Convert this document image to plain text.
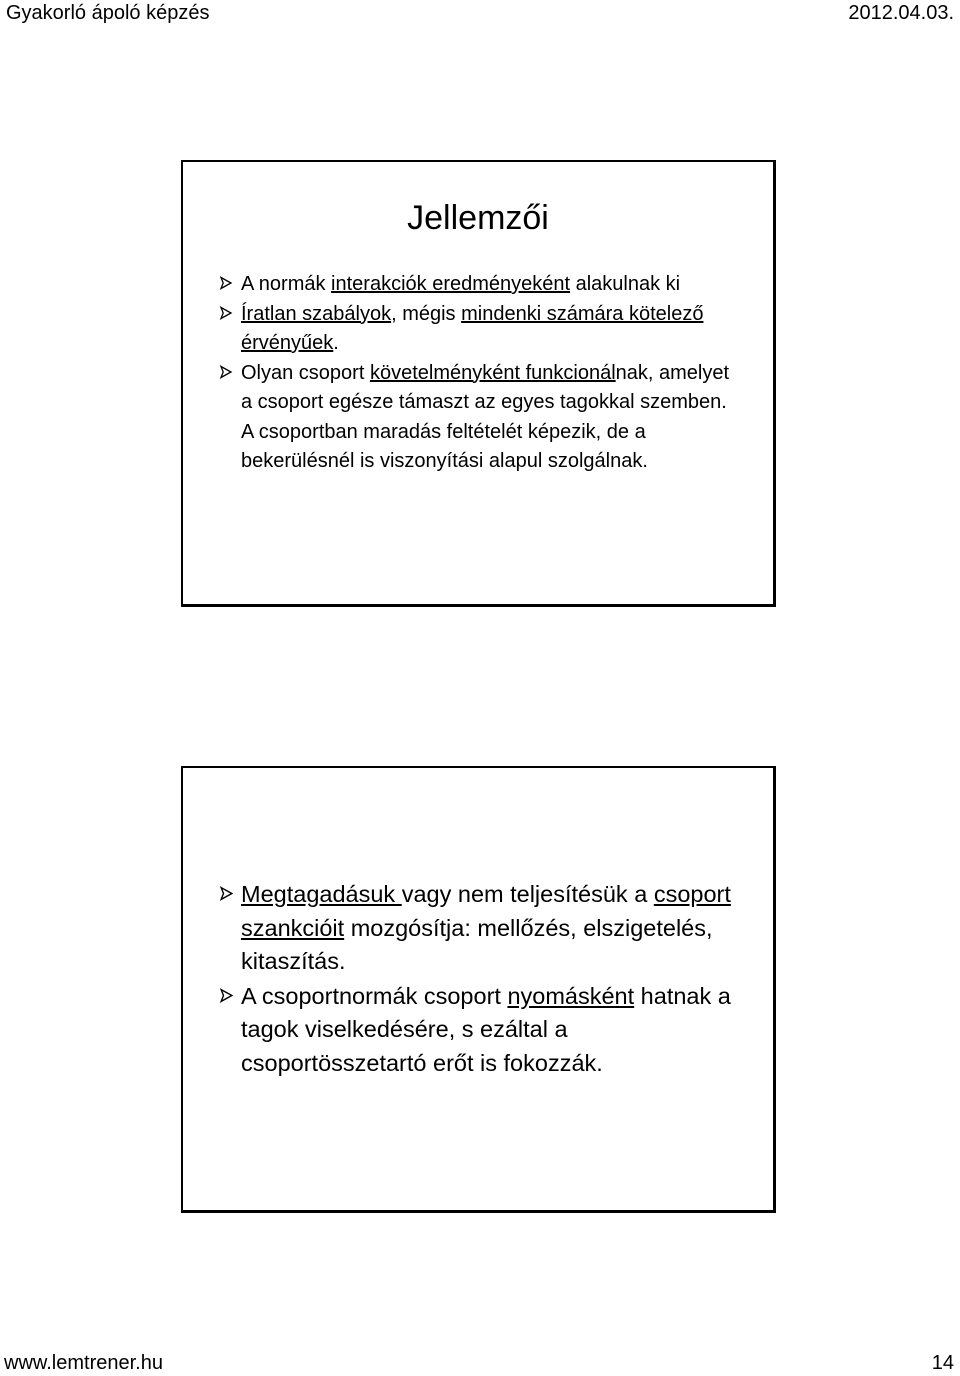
Gyakorló ápoló képzés	2012.04.03.
Jellemzői
A normák interakciók eredményeként alakulnak ki
Íratlan szabályok, mégis mindenki számára kötelező érvényűek.
Olyan csoport követelményként funkcionálnak, amelyet a csoport egésze támaszt az egyes tagokkal szemben. A csoportban maradás feltételét képezik, de a bekerülésnél is viszonyítási alapul szolgálnak.
Megtagadásuk vagy nem teljesítésük a csoport szankcióit mozgósítja: mellőzés, elszigetelés, kitaszítás.
A csoportnormák csoport nyomásként hatnak a tagok viselkedésére, s ezáltal a csoportösszetartó erőt is fokozzák.
www.lemtrener.hu	14
